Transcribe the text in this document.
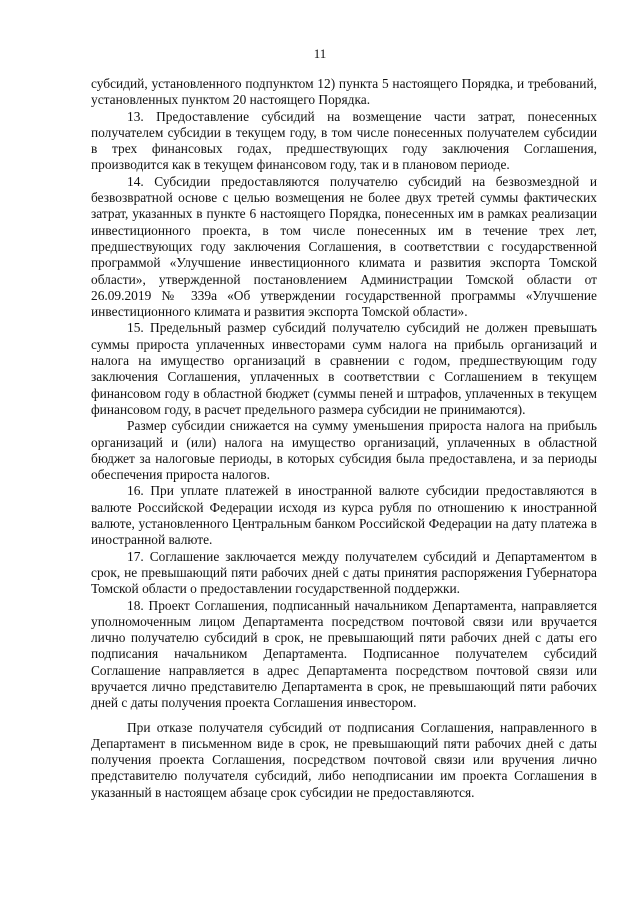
11

субсидий, установленного подпунктом 12) пункта 5 настоящего Порядка, и требований, установленных пунктом 20 настоящего Порядка.

13. Предоставление субсидий на возмещение части затрат, понесенных получателем субсидии в текущем году, в том числе понесенных получателем субсидии в трех финансовых годах, предшествующих году заключения Соглашения, производится как в текущем финансовом году, так и в плановом периоде.

14. Субсидии предоставляются получателю субсидий на безвозмездной и безвозвратной основе с целью возмещения не более двух третей суммы фактических затрат, указанных в пункте 6 настоящего Порядка, понесенных им в рамках реализации инвестиционного проекта, в том числе понесенных им в течение трех лет, предшествующих году заключения Соглашения, в соответствии с государственной программой «Улучшение инвестиционного климата и развития экспорта Томской области», утвержденной постановлением Администрации Томской области от 26.09.2019 № 339а «Об утверждении государственной программы «Улучшение инвестиционного климата и развития экспорта Томской области».

15. Предельный размер субсидий получателю субсидий не должен превышать суммы прироста уплаченных инвесторами сумм налога на прибыль организаций и налога на имущество организаций в сравнении с годом, предшествующим году заключения Соглашения, уплаченных в соответствии с Соглашением в текущем финансовом году в областной бюджет (суммы пеней и штрафов, уплаченных в текущем финансовом году, в расчет предельного размера субсидии не принимаются).

Размер субсидии снижается на сумму уменьшения прироста налога на прибыль организаций и (или) налога на имущество организаций, уплаченных в областной бюджет за налоговые периоды, в которых субсидия была предоставлена, и за периоды обеспечения прироста налогов.

16. При уплате платежей в иностранной валюте субсидии предоставляются в валюте Российской Федерации исходя из курса рубля по отношению к иностранной валюте, установленного Центральным банком Российской Федерации на дату платежа в иностранной валюте.

17. Соглашение заключается между получателем субсидий и Департаментом в срок, не превышающий пяти рабочих дней с даты принятия распоряжения Губернатора Томской области о предоставлении государственной поддержки.

18. Проект Соглашения, подписанный начальником Департамента, направляется уполномоченным лицом Департамента посредством почтовой связи или вручается лично получателю субсидий в срок, не превышающий пяти рабочих дней с даты его подписания начальником Департамента. Подписанное получателем субсидий Соглашение направляется в адрес Департамента посредством почтовой связи или вручается лично представителю Департамента в срок, не превышающий пяти рабочих дней с даты получения проекта Соглашения инвестором.

При отказе получателя субсидий от подписания Соглашения, направленного в Департамент в письменном виде в срок, не превышающий пяти рабочих дней с даты получения проекта Соглашения, посредством почтовой связи или вручения лично представителю получателя субсидий, либо неподписании им проекта Соглашения в указанный в настоящем абзаце срок субсидии не предоставляются.
